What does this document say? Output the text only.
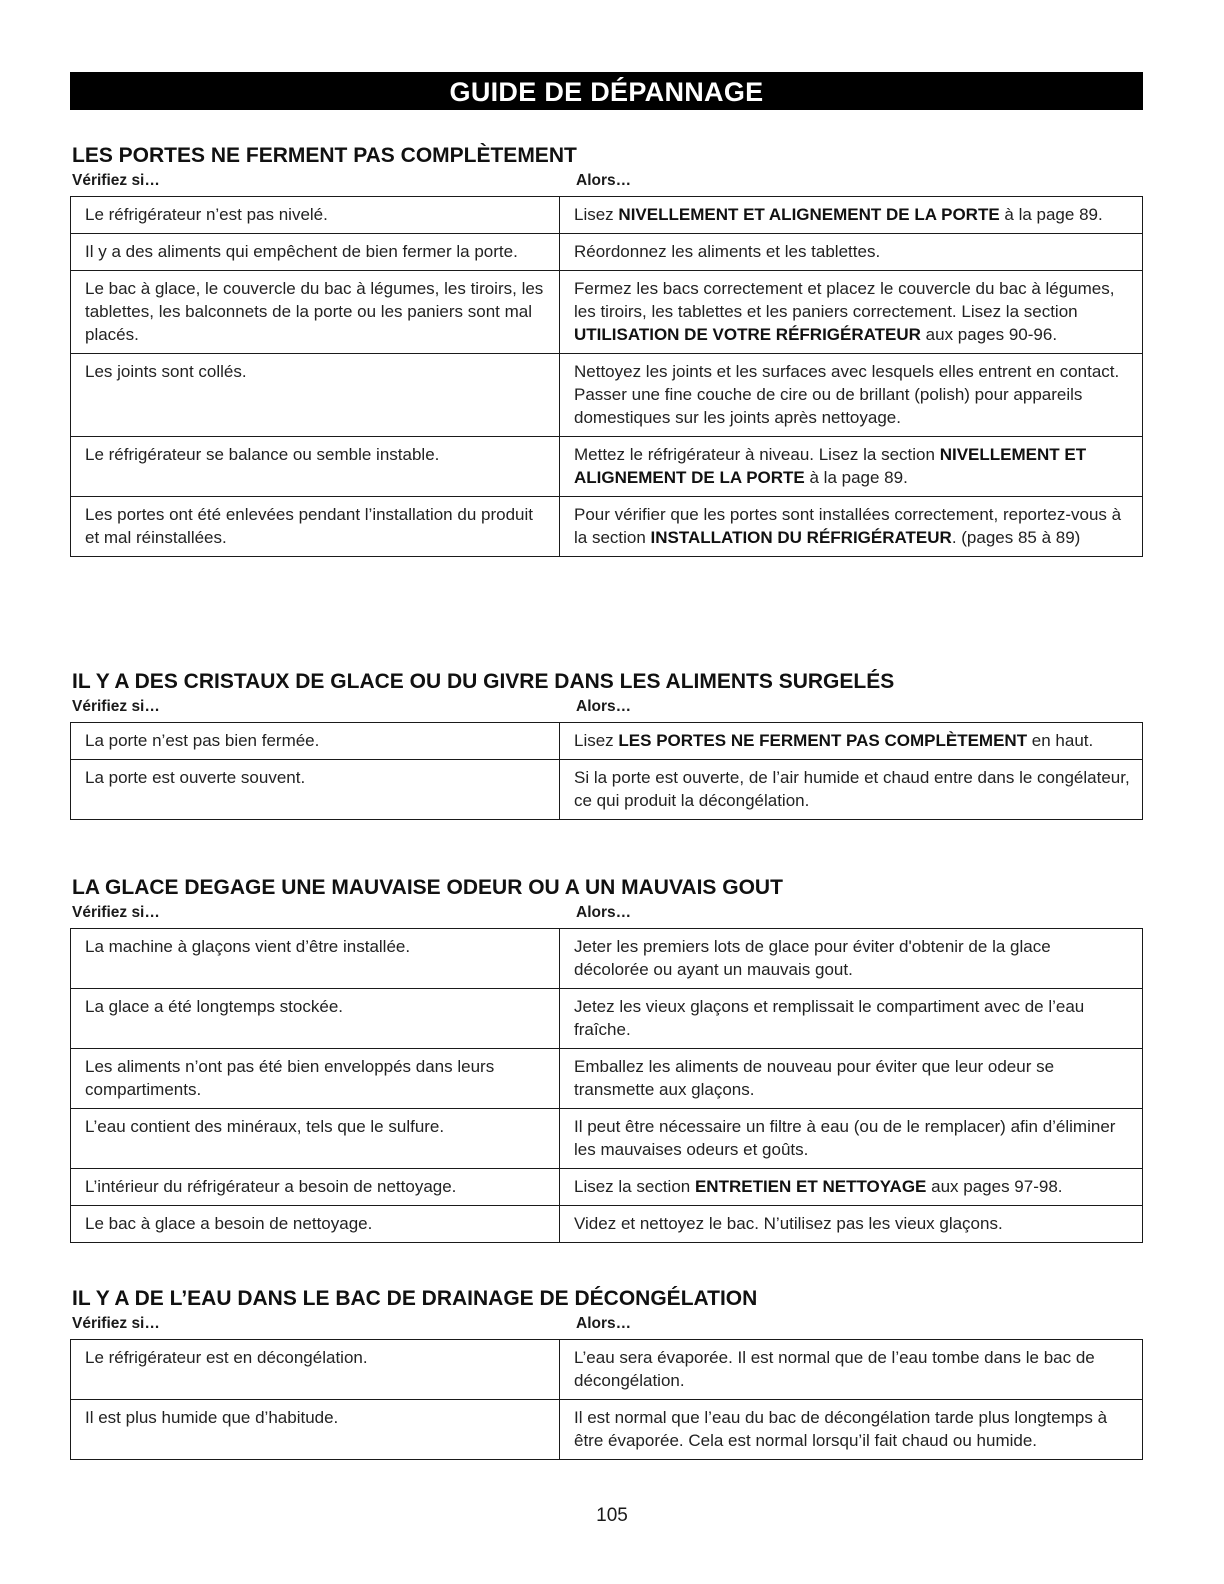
GUIDE DE DÉPANNAGE
LES PORTES NE FERMENT PAS COMPLÈTEMENT
Vérifiez si…	Alors…
Le réfrigérateur n’est pas nivelé.	Lisez NIVELLEMENT ET ALIGNEMENT DE LA PORTE à la page 89.
Il y a des aliments qui empêchent de bien fermer la porte.	Réordonnez les aliments et les tablettes.
Le bac à glace, le couvercle du bac à légumes, les tiroirs, les tablettes, les balconnets de la porte ou les paniers sont mal placés.	Fermez les bacs correctement et placez le couvercle du bac à légumes, les tiroirs, les tablettes et les paniers correctement. Lisez la section UTILISATION DE VOTRE RÉFRIGÉRATEUR aux pages 90-96.
Les joints sont collés.	Nettoyez les joints et les surfaces avec lesquels elles entrent en contact. Passer une fine couche de cire ou de brillant (polish) pour appareils domestiques sur les joints après nettoyage.
Le réfrigérateur se balance ou semble instable.	Mettez le réfrigérateur à niveau. Lisez la section NIVELLEMENT ET ALIGNEMENT DE LA PORTE à la page 89.
Les portes ont été enlevées pendant l’installation du produit et mal réinstallées.	Pour vérifier que les portes sont installées correctement, reportez-vous à la section INSTALLATION DU RÉFRIGÉRATEUR. (pages 85 à 89)
IL Y A DES CRISTAUX DE GLACE OU DU GIVRE DANS LES ALIMENTS SURGELÉS
Vérifiez si…	Alors…
La porte n’est pas bien fermée.	Lisez LES PORTES NE FERMENT PAS COMPLÈTEMENT en haut.
La porte est ouverte souvent.	Si la porte est ouverte, de l’air humide et chaud entre dans le congélateur, ce qui produit la décongélation.
LA GLACE DEGAGE UNE MAUVAISE ODEUR OU A UN MAUVAIS GOUT
Vérifiez si…	Alors…
La machine à glaçons vient d’être installée.	Jeter les premiers lots de glace pour éviter d'obtenir de la glace décolorée ou ayant un mauvais gout.
La glace a été longtemps stockée.	Jetez les vieux glaçons et remplissait le compartiment avec de l’eau fraîche.
Les aliments n’ont pas été bien enveloppés dans leurs compartiments.	Emballez les aliments de nouveau pour éviter que leur odeur se transmette aux glaçons.
L’eau contient des minéraux, tels que le sulfure.	Il peut être nécessaire un filtre à eau (ou de le remplacer) afin d’éliminer les mauvaises odeurs et goûts.
L’intérieur du réfrigérateur a besoin de nettoyage.	Lisez la section ENTRETIEN ET NETTOYAGE aux pages 97-98.
Le bac à glace a besoin de nettoyage.	Videz et nettoyez le bac. N’utilisez pas les vieux glaçons.
IL Y A DE L’EAU DANS LE BAC DE DRAINAGE DE DÉCONGÉLATION
Vérifiez si…	Alors…
Le réfrigérateur est en décongélation.	L’eau sera évaporée. Il est normal que de l’eau tombe dans le bac de décongélation.
Il est plus humide que d’habitude.	Il est normal que l’eau du bac de décongélation tarde plus longtemps à être évaporée. Cela est normal lorsqu’il fait chaud ou humide.
105
